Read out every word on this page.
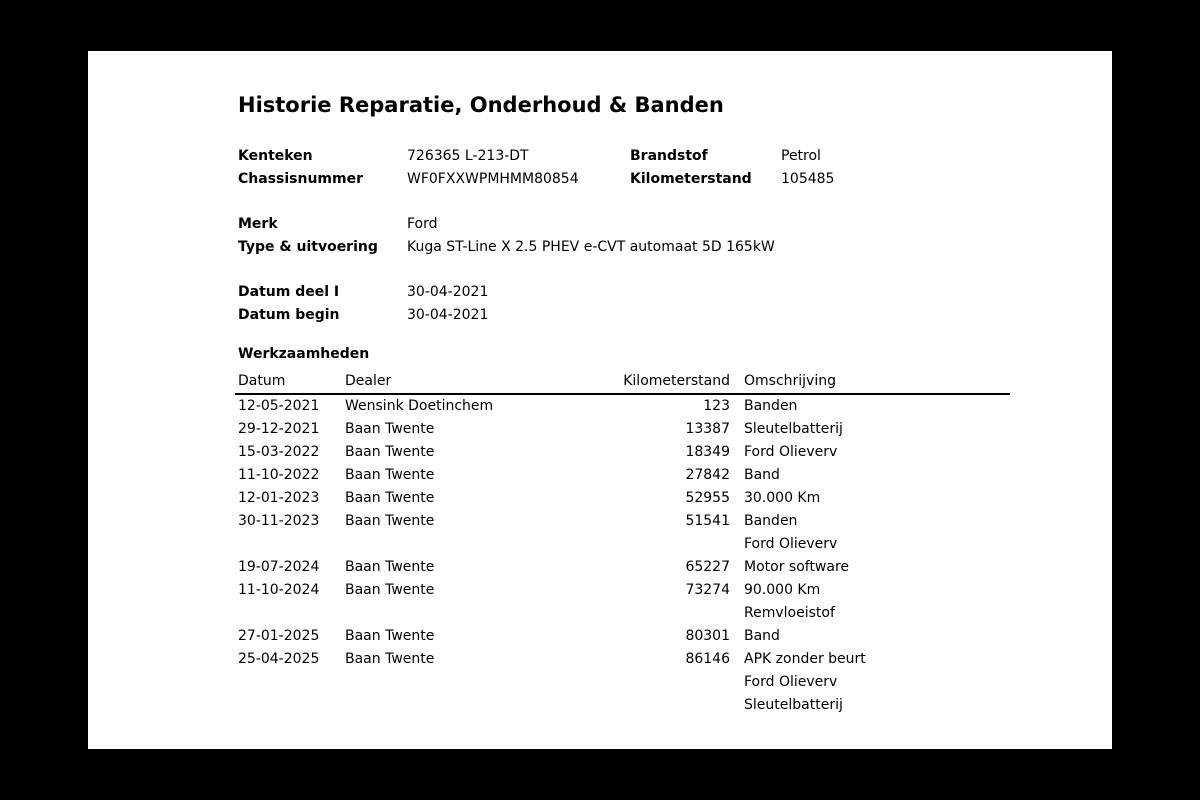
Historie Reparatie, Onderhoud & Banden
Kenteken	726365 L-213-DT	Brandstof	Petrol
Chassisnummer	WF0FXXWPMHMM80854	Kilometerstand 105485
Merk	Ford
Type & uitvoering Kuga ST-Line X 2.5 PHEV e-CVT automaat 5D 165kW
Datum deel I	30-04-2021
Datum begin	30-04-2021
Werkzaamheden
Datum	Dealer	Kilometerstand	Omschrijving
12-05-2021	Wensink Doetinchem	123	Banden
29-12-2021	Baan Twente	13387	Sleutelbatterij
15-03-2022	Baan Twente	18349	Ford Olieverv
11-10-2022	Baan Twente	27842	Band
12-01-2023	Baan Twente	52955	30.000 Km
30-11-2023	Baan Twente	51541	Banden
			Ford Olieverv
19-07-2024	Baan Twente	65227	Motor software
11-10-2024	Baan Twente	73274	90.000 Km
			Remvloeistof
27-01-2025	Baan Twente	80301	Band
25-04-2025	Baan Twente	86146	APK zonder beurt
			Ford Olieverv
			Sleutelbatterij
